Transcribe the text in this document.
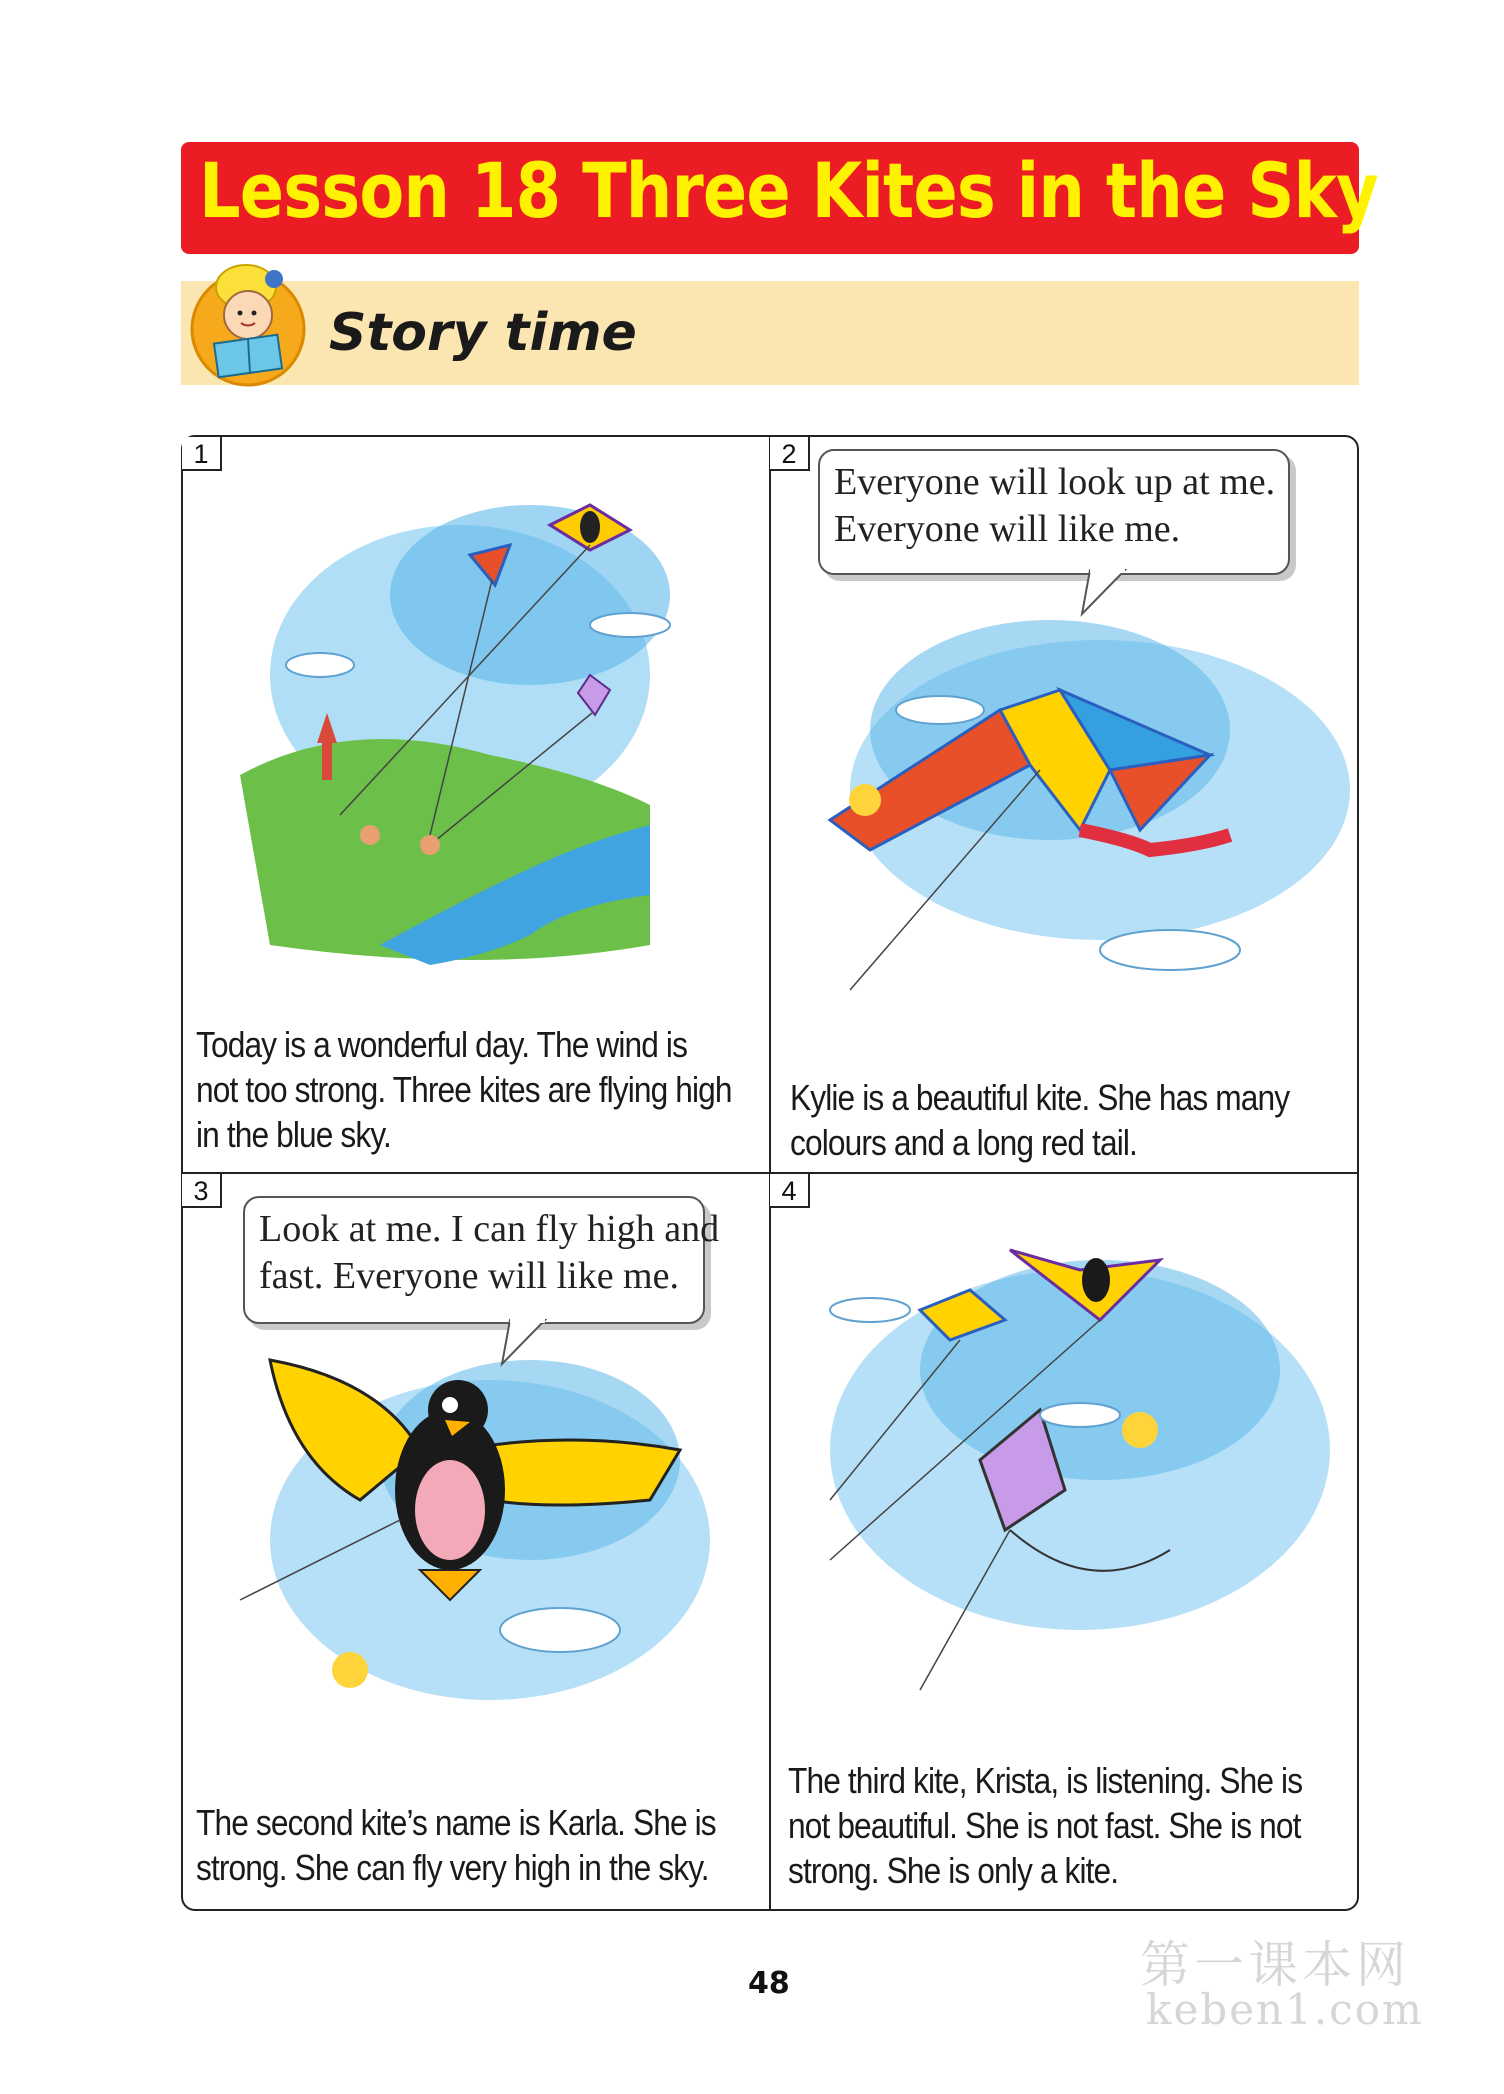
Lesson 18 Three Kites in the Sky
Story time
1	2
3	4
Everyone will look up at me.
Everyone will like me.
Look at me. I can fly high and
fast. Everyone will like me.
Today is a wonderful day. The wind is
not too strong. Three kites are flying high
in the blue sky.
Kylie is a beautiful kite. She has many
colours and a long red tail.
The second kite’s name is Karla. She is
strong. She can fly very high in the sky.
The third kite, Krista, is listening. She is
not beautiful. She is not fast. She is not
strong. She is only a kite.
48	第一课本网
keben1.com
